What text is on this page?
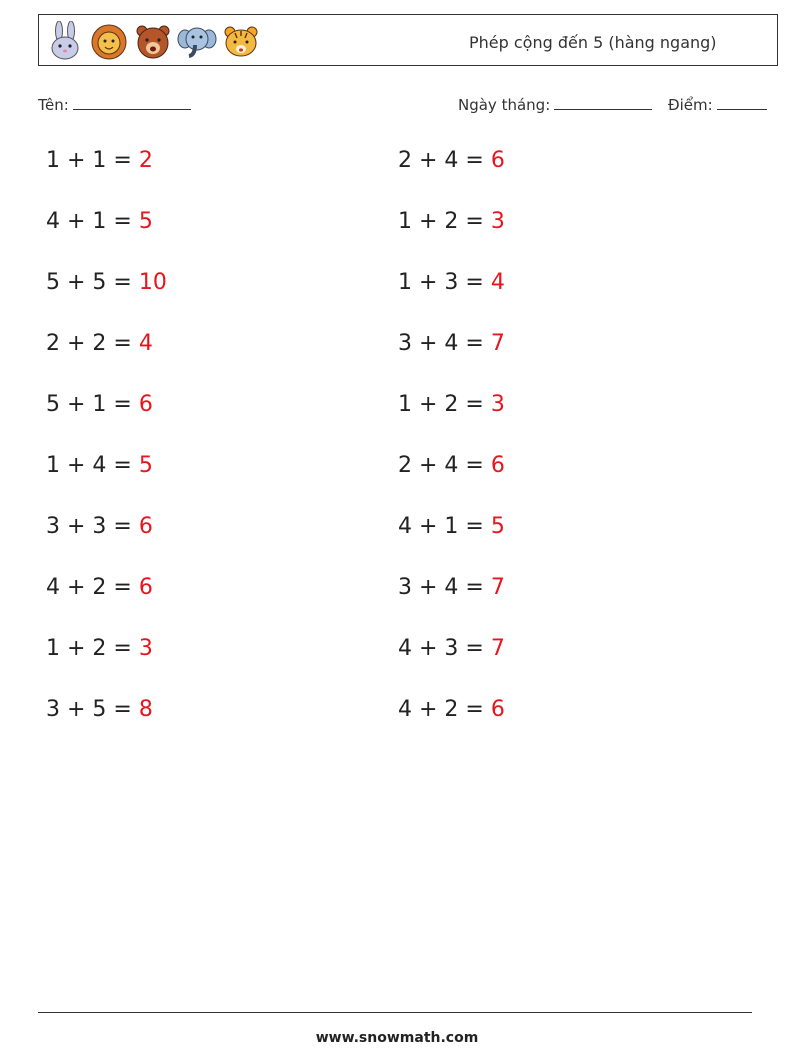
Phép cộng đến 5 (hàng ngang)
Tên:	Ngày tháng:	Điểm:
1 + 1 = 2
4 + 1 = 5
5 + 5 = 10
2 + 2 = 4
5 + 1 = 6
1 + 4 = 5
3 + 3 = 6
4 + 2 = 6
1 + 2 = 3
3 + 5 = 8
2 + 4 = 6
1 + 2 = 3
1 + 3 = 4
3 + 4 = 7
1 + 2 = 3
2 + 4 = 6
4 + 1 = 5
3 + 4 = 7
4 + 3 = 7
4 + 2 = 6
www.snowmath.com
